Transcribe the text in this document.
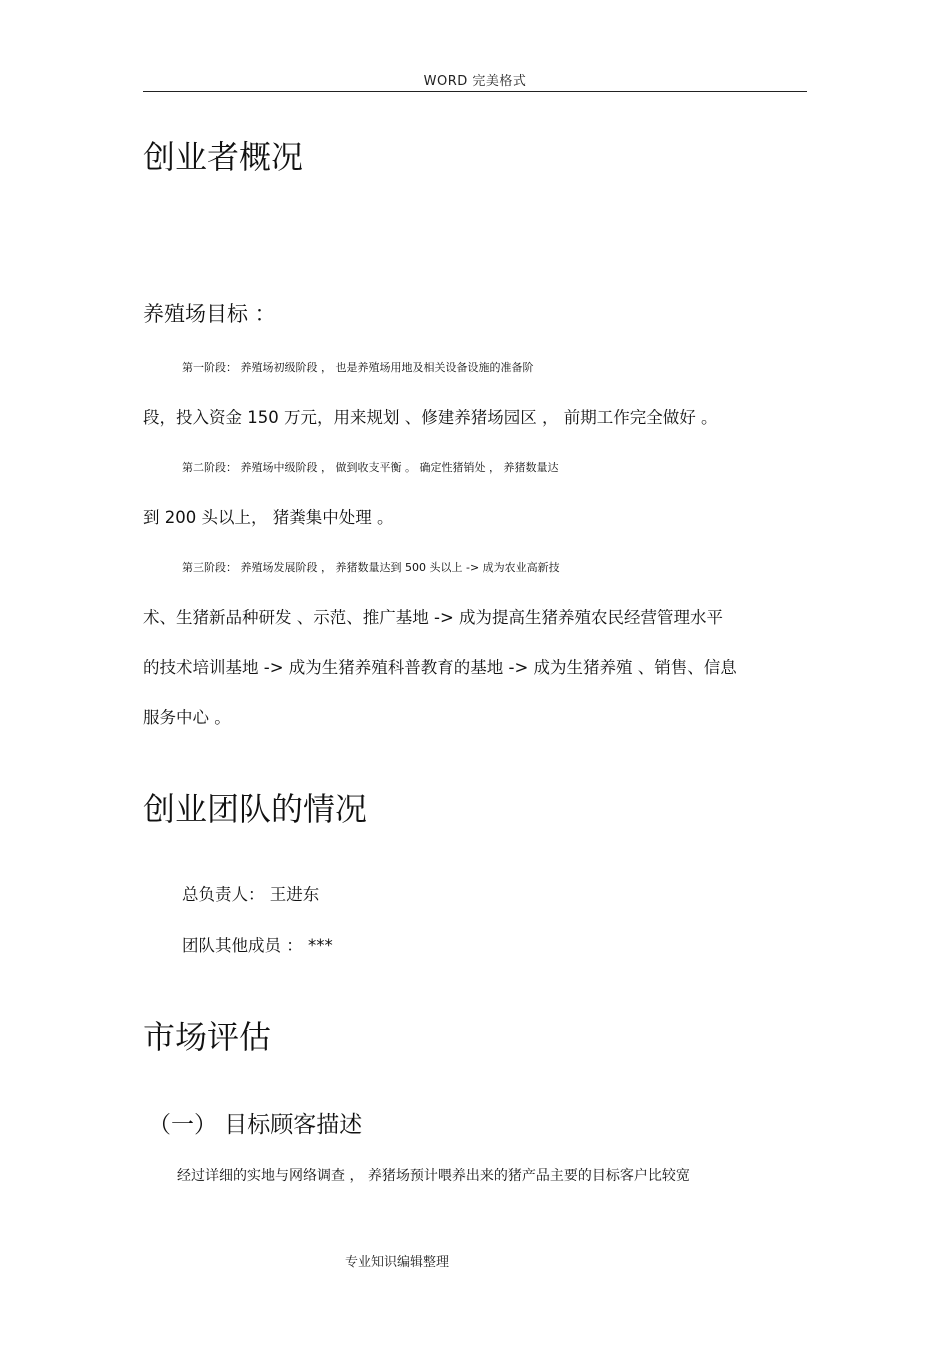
WORD 完美格式
创业者概况
养殖场目标 ：
第一阶段： 养殖场初级阶段 ， 也是养殖场用地及相关设备设施的准备阶
段，投入资金 150 万元，用来规划 、修建养猪场园区 ， 前期工作完全做好 。
第二阶段： 养殖场中级阶段 ， 做到收支平衡 。 确定性猪销处 ， 养猪数量达
到 200 头以上， 猪粪集中处理 。
第三阶段： 养殖场发展阶段 ， 养猪数量达到 500 头以上 -> 成为农业高新技
术、生猪新品种研发 、示范、推广基地 -> 成为提高生猪养殖农民经营管理水平
的技术培训基地 -> 成为生猪养殖科普教育的基地 -> 成为生猪养殖 、销售、信息
服务中心 。
创业团队的情况
总负责人： 王进东
团队其他成员 ： ***
市场评估
（一） 目标顾客描述
经过详细的实地与网络调查 ， 养猪场预计喂养出来的猪产品主要的目标客户比较宽
专业知识编辑整理
